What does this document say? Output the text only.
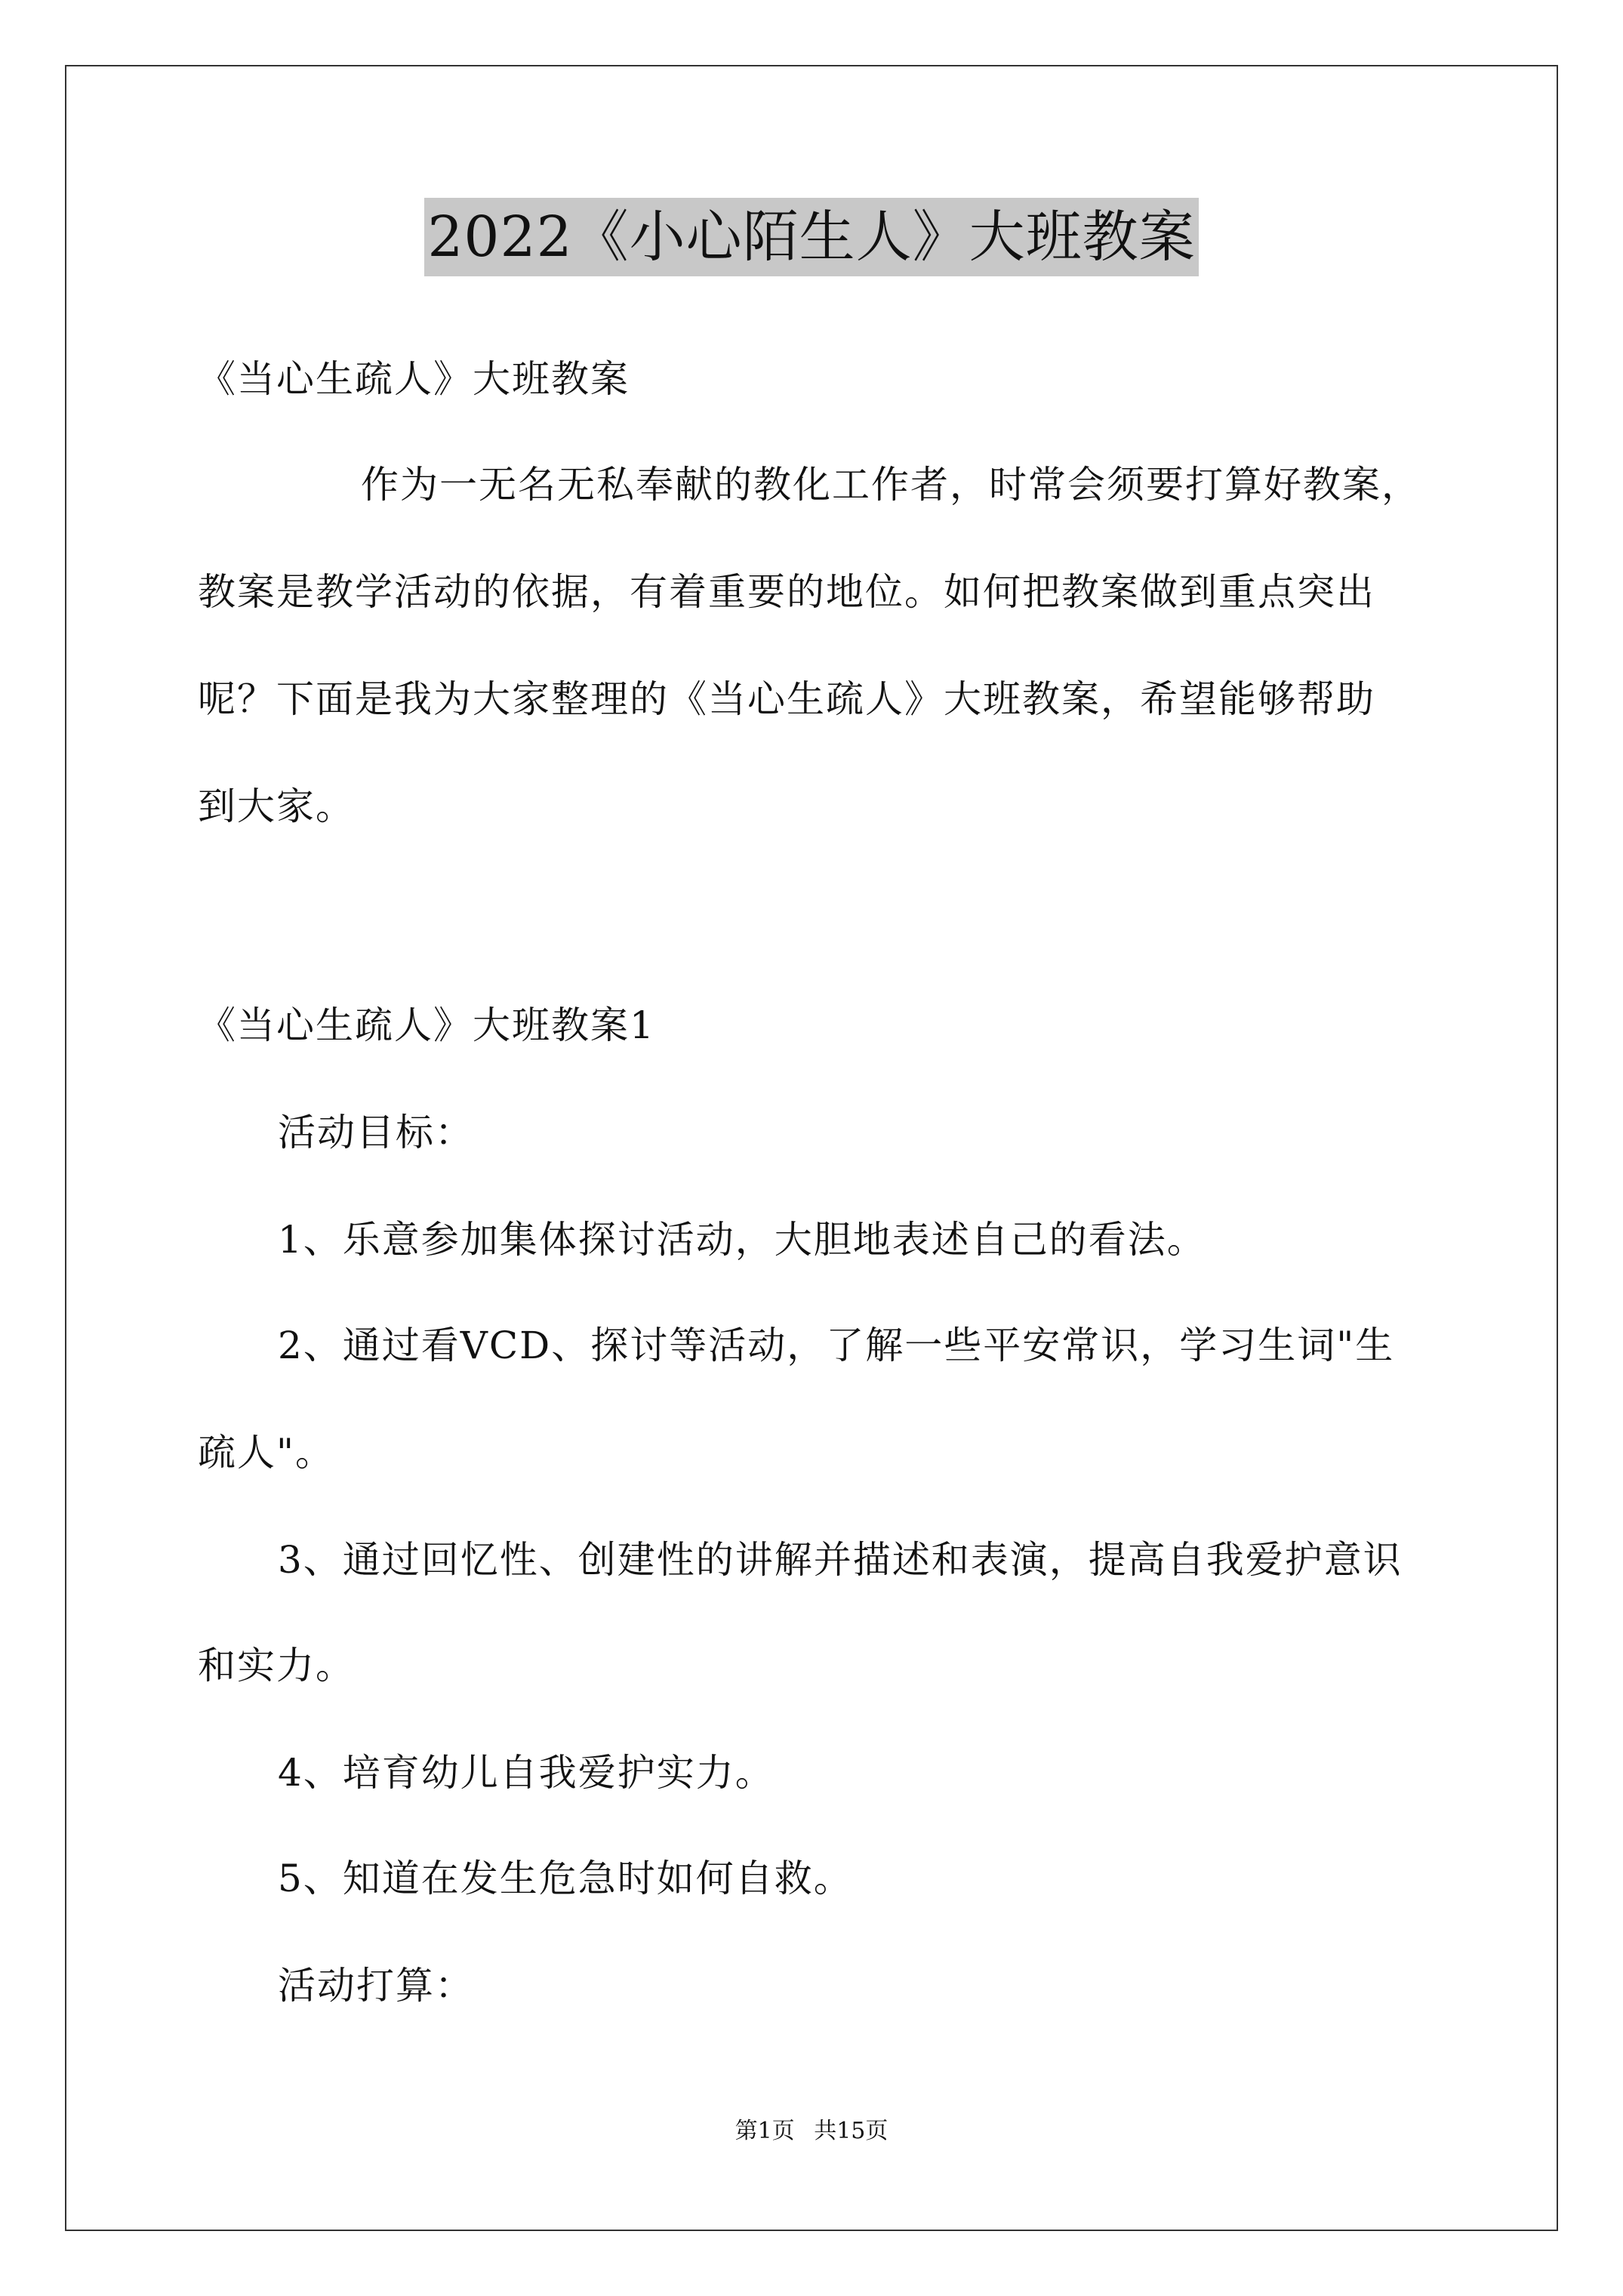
2022《小心陌生人》大班教案
《当心生疏人》大班教案
作为一无名无私奉献的教化工作者，时常会须要打算好教案，
教案是教学活动的依据，有着重要的地位。如何把教案做到重点突出
呢？下面是我为大家整理的《当心生疏人》大班教案，希望能够帮助
到大家。
《当心生疏人》大班教案1
活动目标：
1、乐意参加集体探讨活动，大胆地表述自己的看法。
2、通过看VCD、探讨等活动，了解一些平安常识，学习生词"生
疏人"。
3、通过回忆性、创建性的讲解并描述和表演，提高自我爱护意识
和实力。
4、培育幼儿自我爱护实力。
5、知道在发生危急时如何自救。
活动打算：
第1页 共15页
